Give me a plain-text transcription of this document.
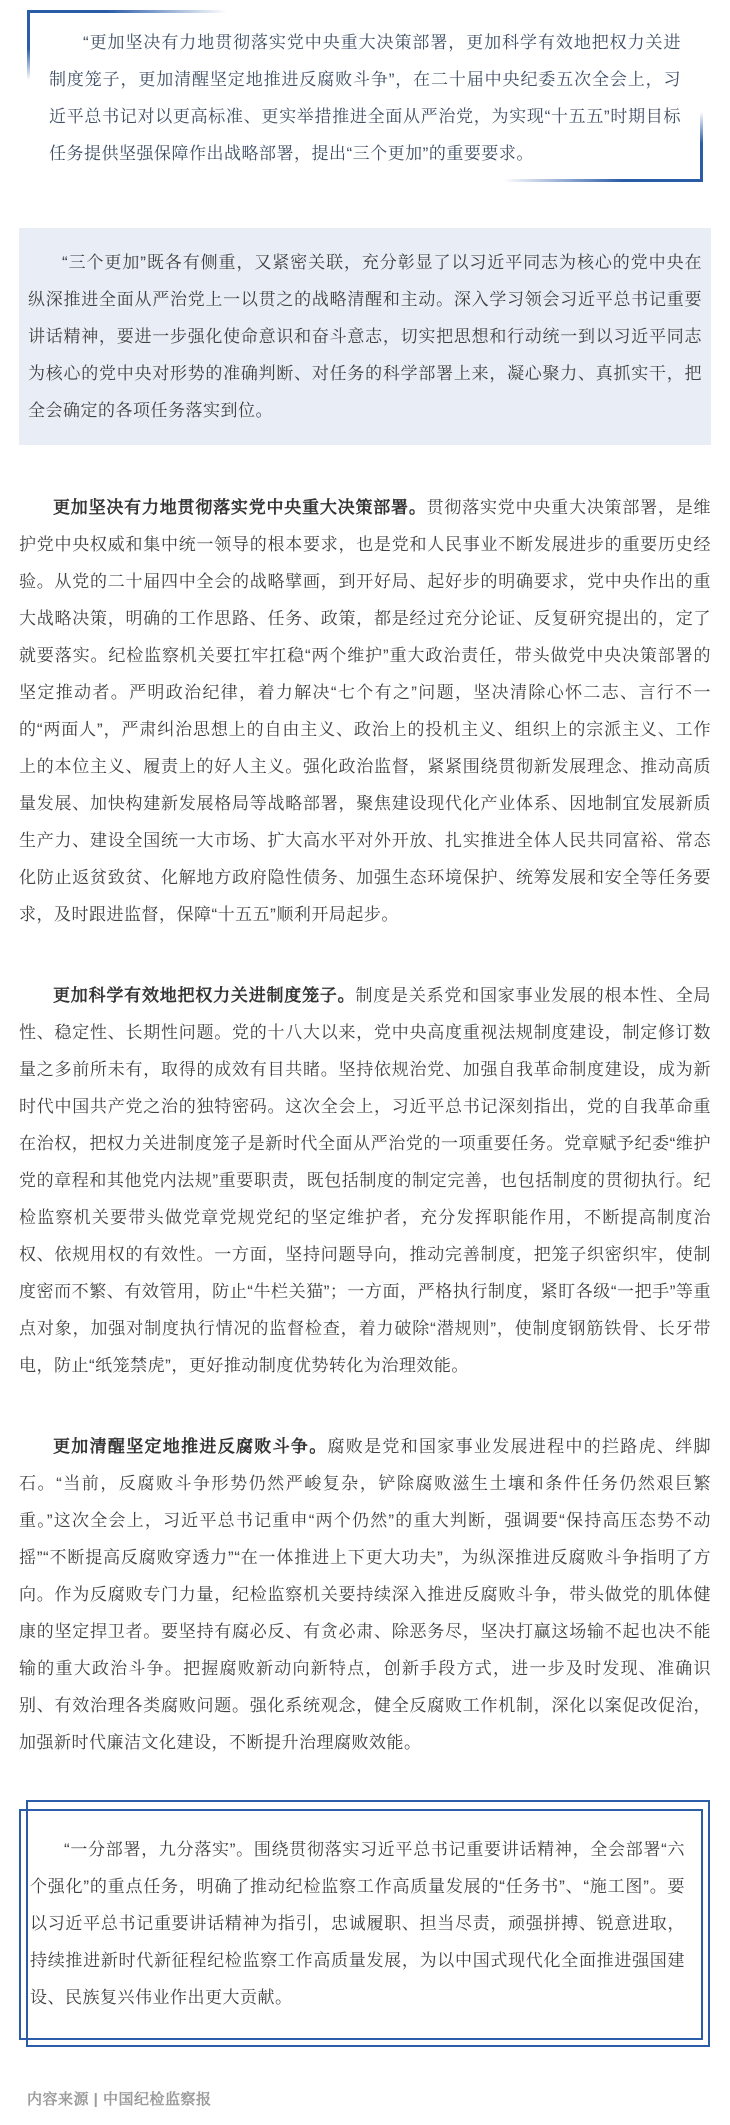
“更加坚决有力地贯彻落实党中央重大决策部署，更加科学有效地把权力关进制度笼子，更加清醒坚定地推进反腐败斗争”，在二十届中央纪委五次全会上，习近平总书记对以更高标准、更实举措推进全面从严治党，为实现“十五五”时期目标任务提供坚强保障作出战略部署，提出“三个更加”的重要要求。

“三个更加”既各有侧重，又紧密关联，充分彰显了以习近平同志为核心的党中央在纵深推进全面从严治党上一以贯之的战略清醒和主动。深入学习领会习近平总书记重要讲话精神，要进一步强化使命意识和奋斗意志，切实把思想和行动统一到以习近平同志为核心的党中央对形势的准确判断、对任务的科学部署上来，凝心聚力、真抓实干，把全会确定的各项任务落实到位。

更加坚决有力地贯彻落实党中央重大决策部署。贯彻落实党中央重大决策部署，是维护党中央权威和集中统一领导的根本要求，也是党和人民事业不断发展进步的重要历史经验。从党的二十届四中全会的战略擘画，到开好局、起好步的明确要求，党中央作出的重大战略决策，明确的工作思路、任务、政策，都是经过充分论证、反复研究提出的，定了就要落实。纪检监察机关要扛牢扛稳“两个维护”重大政治责任，带头做党中央决策部署的坚定推动者。严明政治纪律，着力解决“七个有之”问题，坚决清除心怀二志、言行不一的“两面人”，严肃纠治思想上的自由主义、政治上的投机主义、组织上的宗派主义、工作上的本位主义、履责上的好人主义。强化政治监督，紧紧围绕贯彻新发展理念、推动高质量发展、加快构建新发展格局等战略部署，聚焦建设现代化产业体系、因地制宜发展新质生产力、建设全国统一大市场、扩大高水平对外开放、扎实推进全体人民共同富裕、常态化防止返贫致贫、化解地方政府隐性债务、加强生态环境保护、统筹发展和安全等任务要求，及时跟进监督，保障“十五五”顺利开局起步。

更加科学有效地把权力关进制度笼子。制度是关系党和国家事业发展的根本性、全局性、稳定性、长期性问题。党的十八大以来，党中央高度重视法规制度建设，制定修订数量之多前所未有，取得的成效有目共睹。坚持依规治党、加强自我革命制度建设，成为新时代中国共产党之治的独特密码。这次全会上，习近平总书记深刻指出，党的自我革命重在治权，把权力关进制度笼子是新时代全面从严治党的一项重要任务。党章赋予纪委“维护党的章程和其他党内法规”重要职责，既包括制度的制定完善，也包括制度的贯彻执行。纪检监察机关要带头做党章党规党纪的坚定维护者，充分发挥职能作用，不断提高制度治权、依规用权的有效性。一方面，坚持问题导向，推动完善制度，把笼子织密织牢，使制度密而不繁、有效管用，防止“牛栏关猫”；一方面，严格执行制度，紧盯各级“一把手”等重点对象，加强对制度执行情况的监督检查，着力破除“潜规则”，使制度钢筋铁骨、长牙带电，防止“纸笼禁虎”，更好推动制度优势转化为治理效能。

更加清醒坚定地推进反腐败斗争。腐败是党和国家事业发展进程中的拦路虎、绊脚石。“当前，反腐败斗争形势仍然严峻复杂，铲除腐败滋生土壤和条件任务仍然艰巨繁重。”这次全会上，习近平总书记重申“两个仍然”的重大判断，强调要“保持高压态势不动摇”“不断提高反腐败穿透力”“在一体推进上下更大功夫”，为纵深推进反腐败斗争指明了方向。作为反腐败专门力量，纪检监察机关要持续深入推进反腐败斗争，带头做党的肌体健康的坚定捍卫者。要坚持有腐必反、有贪必肃、除恶务尽，坚决打赢这场输不起也决不能输的重大政治斗争。把握腐败新动向新特点，创新手段方式，进一步及时发现、准确识别、有效治理各类腐败问题。强化系统观念，健全反腐败工作机制，深化以案促改促治，加强新时代廉洁文化建设，不断提升治理腐败效能。

“一分部署，九分落实”。围绕贯彻落实习近平总书记重要讲话精神，全会部署“六个强化”的重点任务，明确了推动纪检监察工作高质量发展的“任务书”、“施工图”。要以习近平总书记重要讲话精神为指引，忠诚履职、担当尽责，顽强拼搏、锐意进取，持续推进新时代新征程纪检监察工作高质量发展，为以中国式现代化全面推进强国建设、民族复兴伟业作出更大贡献。

内容来源 | 中国纪检监察报
